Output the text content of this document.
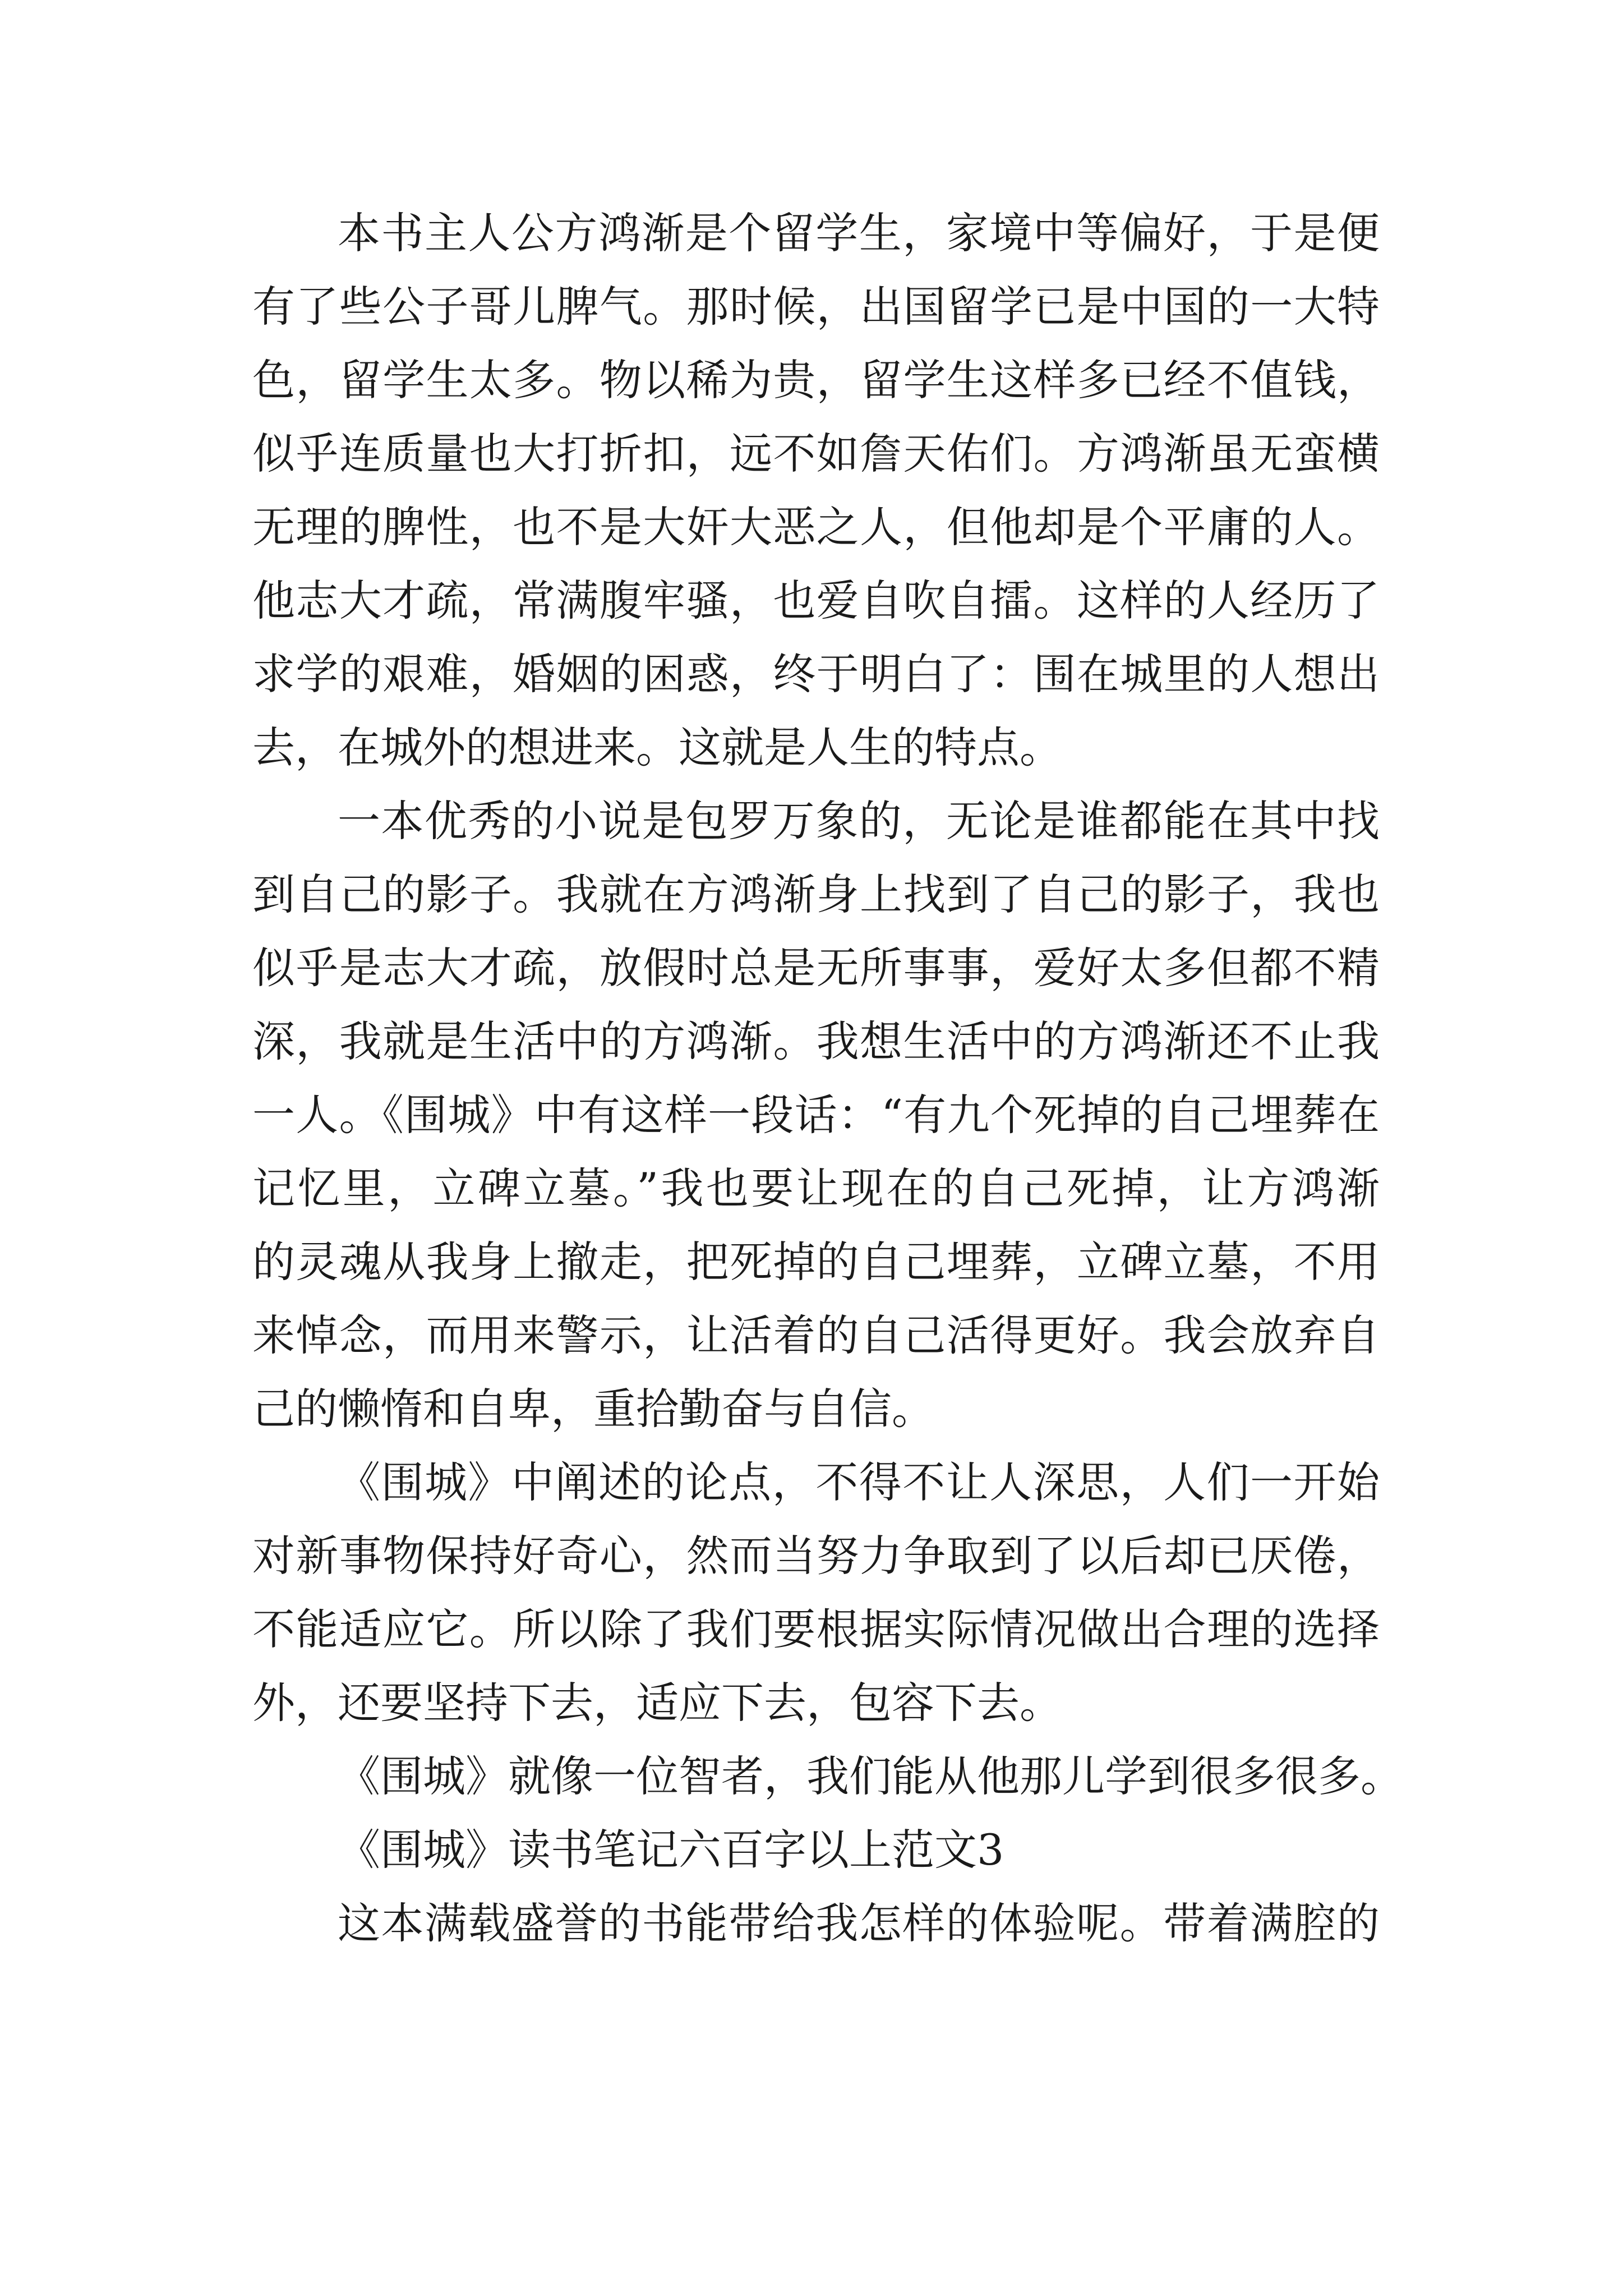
本书主人公方鸿渐是个留学生，家境中等偏好，于是便
有了些公子哥儿脾气。那时候，出国留学已是中国的一大特
色，留学生太多。物以稀为贵，留学生这样多已经不值钱，
似乎连质量也大打折扣，远不如詹天佑们。方鸿渐虽无蛮横
无理的脾性，也不是大奸大恶之人，但他却是个平庸的人。
他志大才疏，常满腹牢骚，也爱自吹自擂。这样的人经历了
求学的艰难，婚姻的困惑，终于明白了：围在城里的人想出
去，在城外的想进来。这就是人生的特点。
一本优秀的小说是包罗万象的，无论是谁都能在其中找
到自己的影子。我就在方鸿渐身上找到了自己的影子，我也
似乎是志大才疏，放假时总是无所事事，爱好太多但都不精
深，我就是生活中的方鸿渐。我想生活中的方鸿渐还不止我
一人。《围城》中有这样一段话：“有九个死掉的自己埋葬在
记忆里，立碑立墓。”我也要让现在的自己死掉，让方鸿渐
的灵魂从我身上撤走，把死掉的自己埋葬，立碑立墓，不用
来悼念，而用来警示，让活着的自己活得更好。我会放弃自
己的懒惰和自卑，重拾勤奋与自信。
《围城》中阐述的论点，不得不让人深思，人们一开始
对新事物保持好奇心，然而当努力争取到了以后却已厌倦，
不能适应它。所以除了我们要根据实际情况做出合理的选择
外，还要坚持下去，适应下去，包容下去。
《围城》就像一位智者，我们能从他那儿学到很多很多。
《围城》读书笔记六百字以上范文3
这本满载盛誉的书能带给我怎样的体验呢。带着满腔的
